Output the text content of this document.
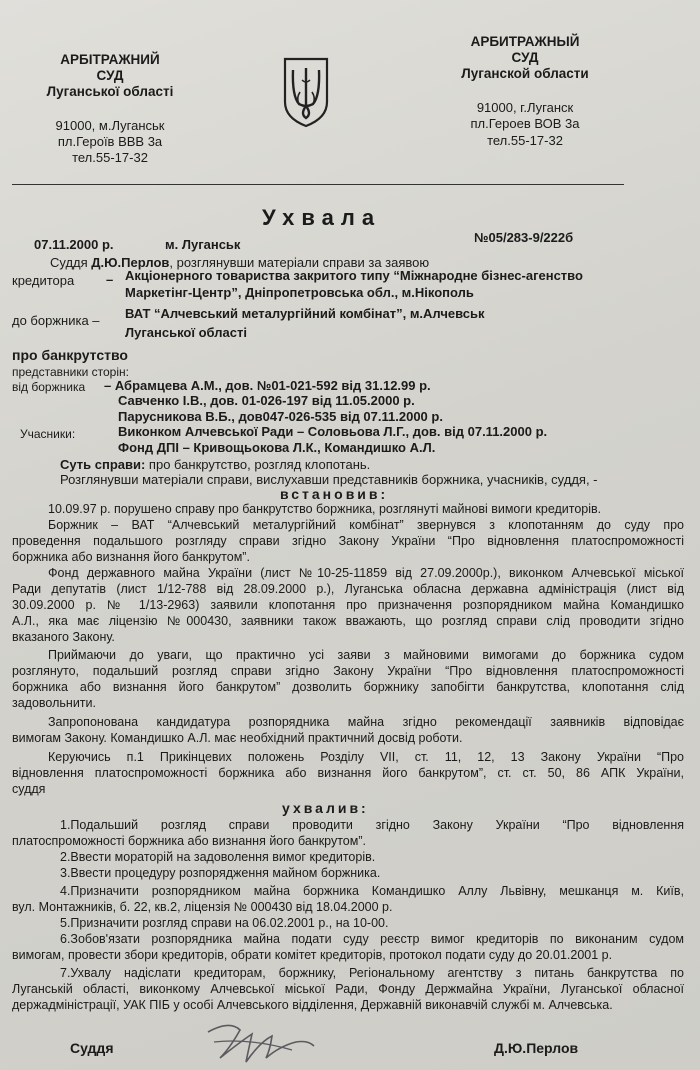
АРБІТРАЖНИЙ
СУД
Луганської області
91000, м.Луганськ
пл.Героїв ВВВ 3а
тел.55-17-32
АРБИТРАЖНЫЙ
СУД
Луганской области
91000, г.Луганск
пл.Героев ВОВ 3а
тел.55-17-32
Ухвала
07.11.2000 р.	м. Луганськ	№05/283-9/222б
Суддя Д.Ю.Перлов, розглянувши матеріали справи за заявою
кредитора – Акціонерного товариства закритого типу “Міжнародне бізнес-агенство
Маркетінг-Центр”, Дніпропетровська обл., м.Нікополь
до боржника – ВАТ “Алчевський металургійний комбінат”, м.Алчевськ
Луганської області
про банкрутство
представники сторін:
від боржника – Абрамцева А.М., дов. №01-021-592 від 31.12.99 р.
Савченко І.В., дов. 01-026-197 від 11.05.2000 р.
Парусникова В.Б., дов047-026-535 від 07.11.2000 р.
Учасники:	Виконком Алчевської Ради – Соловьова Л.Г., дов. від 07.11.2000 р.
Фонд ДПІ – Кривощьокова Л.К., Командишко А.Л.
Суть справи: про банкрутство, розгляд клопотань.
Розглянувши матеріали справи, вислухавши представників боржника, учасників, суддя, -
встановив:
10.09.97 р. порушено справу про банкрутство боржника, розглянуті майнові вимоги кредиторів.
Боржник – ВАТ “Алчевський металургійний комбінат” звернувся з клопотанням до суду про
проведення подальшого розгляду справи згідно Закону України “Про відновлення платоспроможності
боржника або визнання його банкрутом”.
Фонд державного майна України (лист №10-25-11859 від 27.09.2000р.), виконком Алчевської міської
Ради депутатів (лист 1/12-788 від 28.09.2000 р.), Луганська обласна державна адміністрація (лист від
30.09.2000 р. № 1/13-2963) заявили клопотання про призначення розпорядником майна Командишко
А.Л., яка має ліцензію №000430, заявники також вважають, що розгляд справи слід проводити згідно
вказаного Закону.
Приймаючи до уваги, що практично усі заяви з майновими вимогами до боржника судом
розглянуто, подальший розгляд справи згідно Закону України “Про відновлення платоспроможності
боржника або визнання його банкрутом” дозволить боржнику запобігти банкрутства, клопотання слід
задовольнити.
Запропонована кандидатура розпорядника майна згідно рекомендації заявників відповідає
вимогам Закону. Командишко А.Л. має необхідний практичний досвід роботи.
Керуючись п.1 Прикінцевих положень Розділу VII, ст. 11, 12, 13 Закону України “Про
відновлення платоспроможності боржника або визнання його банкрутом”, ст. ст. 50, 86 АПК України,
суддя
ухвалив:
1.Подальший розгляд справи проводити згідно Закону України “Про відновлення
платоспроможності боржника або визнання його банкрутом”.
2.Ввести мораторій на задоволення вимог кредиторів.
3.Ввести процедуру розпорядження майном боржника.
4.Призначити розпорядником майна боржника Командишко Аллу Львівну, мешканця м. Київ,
вул. Монтажників, б. 22, кв.2, ліцензія № 000430 від 18.04.2000 р.
5.Призначити розгляд справи на 06.02.2001 р., на 10-00.
6.Зобов'язати розпорядника майна подати суду реєстр вимог кредиторів по виконаним судом
вимогам, провести збори кредиторів, обрати комітет кредиторів, протокол подати суду до 20.01.2001 р.
7.Ухвалу надіслати кредиторам, боржнику, Регіональному агентству з питань банкрутства по
Луганській області, виконкому Алчевської міської Ради, Фонду Держмайна України, Луганської обласної
держадміністрації, УАК ПІБ у особі Алчевського відділення, Державній виконавчій службі м. Алчевська.
Суддя	Д.Ю.Перлов
